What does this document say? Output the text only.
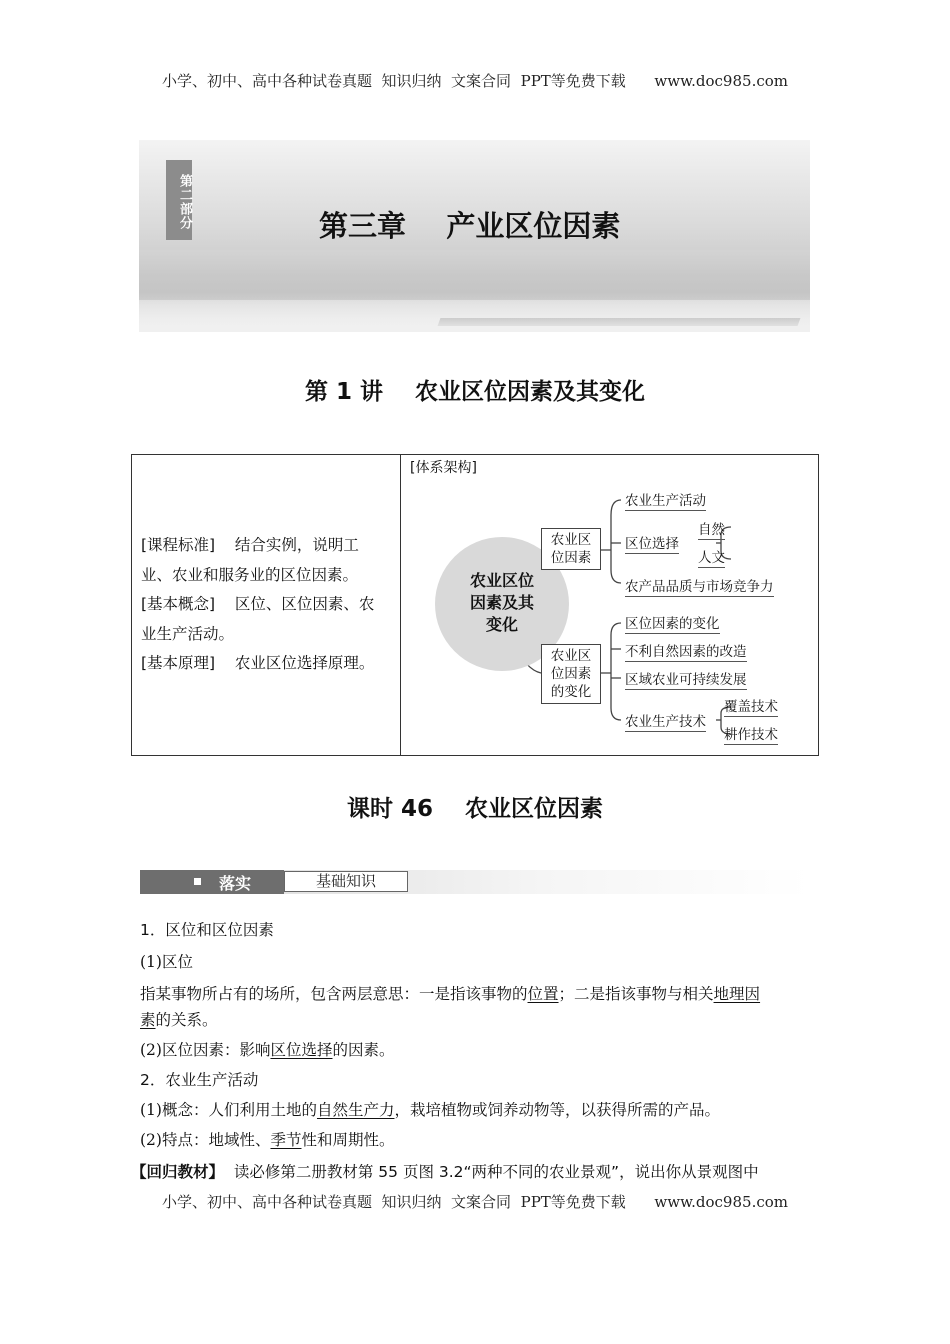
小学、初中、高中各种试卷真题  知识归纳  文案合同  PPT等免费下载      www.doc985.com
第二部分	第三章    产业区位因素
第 1 讲    农业区位因素及其变化

[课程标准]    结合实例，说明工

业、农业和服务业的区位因素。

[基本概念]    区位、区位因素、农

业生产活动。

[基本原理]    农业区位选择原理。

[体系架构]
农业区位
因素及其
变化
农业区
位因素
农业区
位因素
的变化
农业生产活动
区位选择
自然
人文
农产品品质与市场竞争力
区位因素的变化
不利自然因素的改造
区域农业可持续发展
农业生产技术
覆盖技术
耕作技术
课时 46    农业区位因素
落实	基础知识
1．区位和区位因素
(1)区位
指某事物所占有的场所，包含两层意思：一是指该事物的位置；二是指该事物与相关地理因
素的关系。
(2)区位因素：影响区位选择的因素。
2．农业生产活动
(1)概念：人们利用土地的自然生产力，栽培植物或饲养动物等，以获得所需的产品。
(2)特点：地域性、季节性和周期性。
【回归教材】  读必修第二册教材第 55 页图 3.2“两种不同的农业景观”，说出你从景观图中
小学、初中、高中各种试卷真题  知识归纳  文案合同  PPT等免费下载      www.doc985.com
